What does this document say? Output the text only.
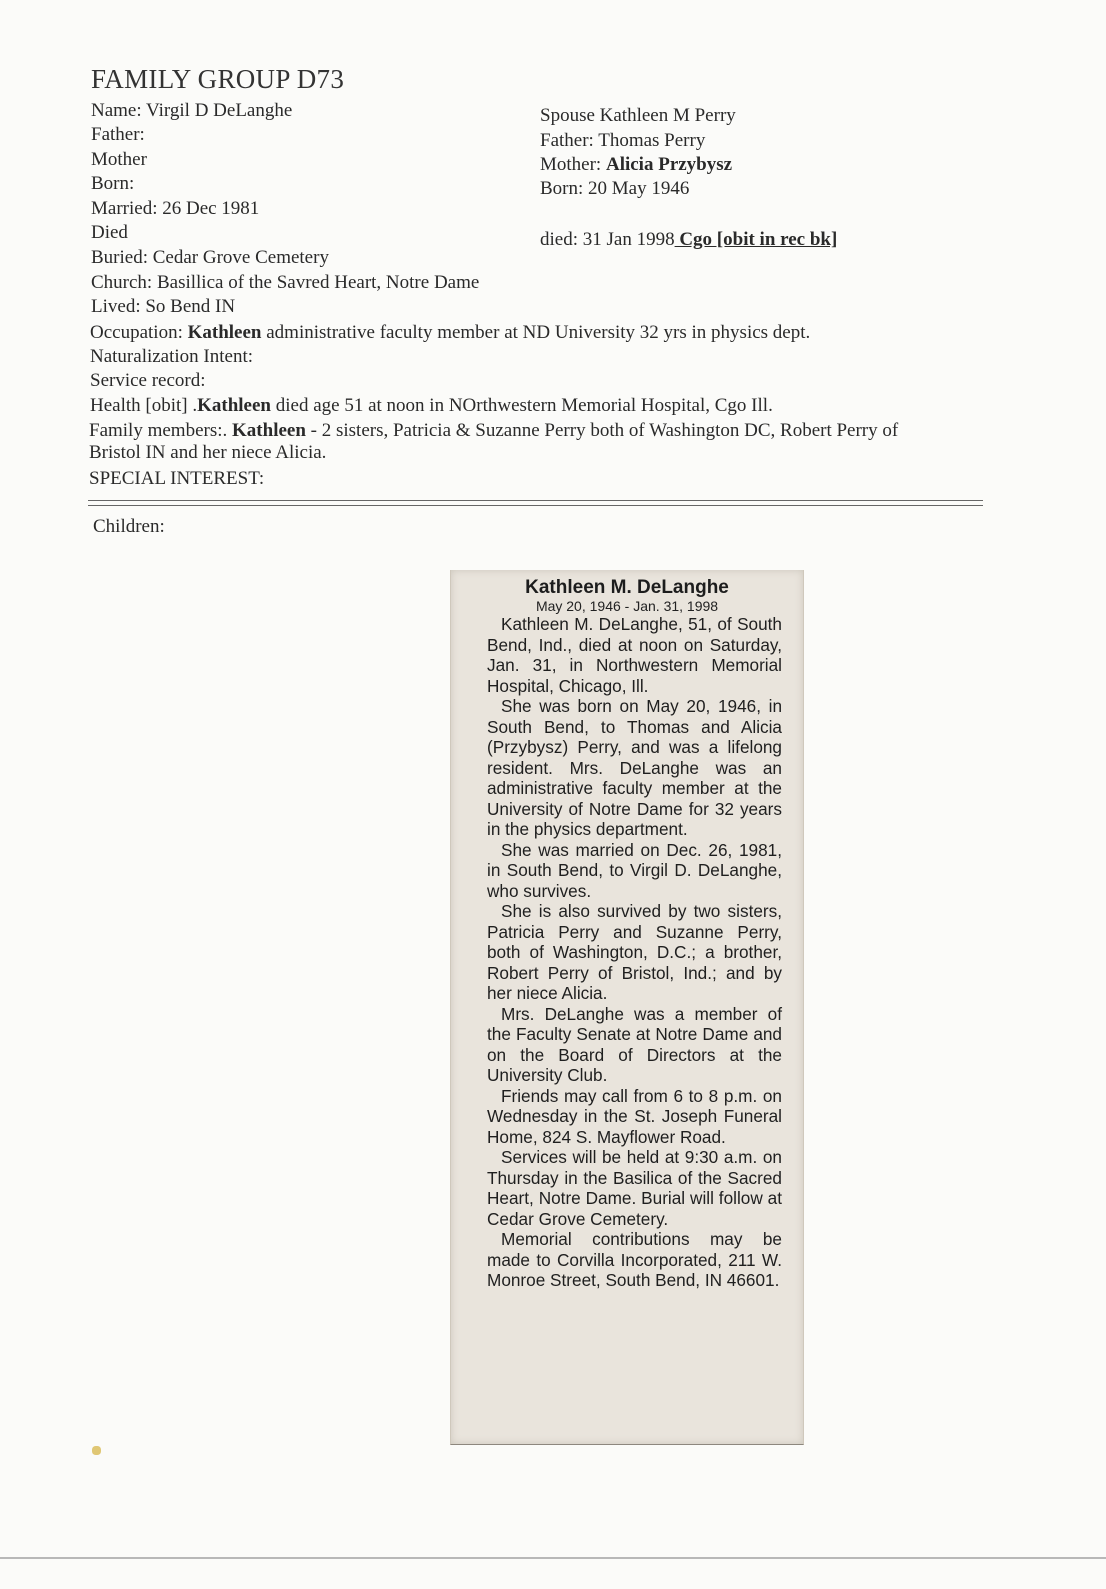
FAMILY GROUP D73
Name: Virgil D DeLanghe
Father:
Mother
Born:
Married: 26 Dec 1981
Died
Buried: Cedar Grove Cemetery
Church: Basillica of the Savred Heart, Notre Dame
Lived: So Bend IN
Spouse Kathleen M Perry
Father: Thomas Perry
Mother: Alicia Przybysz
Born: 20 May 1946
died: 31 Jan 1998 Cgo [obit in rec bk]
Occupation: Kathleen administrative faculty member at ND University 32 yrs in physics dept.
Naturalization Intent:
Service record:
Health [obit] .Kathleen died age 51 at noon in NOrthwestern Memorial Hospital, Cgo Ill.
Family members:. Kathleen - 2 sisters, Patricia & Suzanne Perry both of Washington DC, Robert Perry of Bristol IN and her niece Alicia.
SPECIAL INTEREST:
Children:
Kathleen M. DeLanghe
May 20, 1946 - Jan. 31, 1998

Kathleen M. DeLanghe, 51, of South Bend, Ind., died at noon on Saturday, Jan. 31, in Northwestern Memorial Hospital, Chicago, Ill.

She was born on May 20, 1946, in South Bend, to Thomas and Alicia (Przybysz) Perry, and was a lifelong resident. Mrs. DeLanghe was an administrative faculty member at the University of Notre Dame for 32 years in the physics department.

She was married on Dec. 26, 1981, in South Bend, to Virgil D. DeLanghe, who survives.

She is also survived by two sisters, Patricia Perry and Suzanne Perry, both of Washington, D.C.; a brother, Robert Perry of Bristol, Ind.; and by her niece Alicia.

Mrs. DeLanghe was a member of the Faculty Senate at Notre Dame and on the Board of Directors at the University Club.

Friends may call from 6 to 8 p.m. on Wednesday in the St. Joseph Funeral Home, 824 S. Mayflower Road.

Services will be held at 9:30 a.m. on Thursday in the Basilica of the Sacred Heart, Notre Dame. Burial will follow at Cedar Grove Cemetery.

Memorial contributions may be made to Corvilla Incorporated, 211 W. Monroe Street, South Bend, IN 46601.
